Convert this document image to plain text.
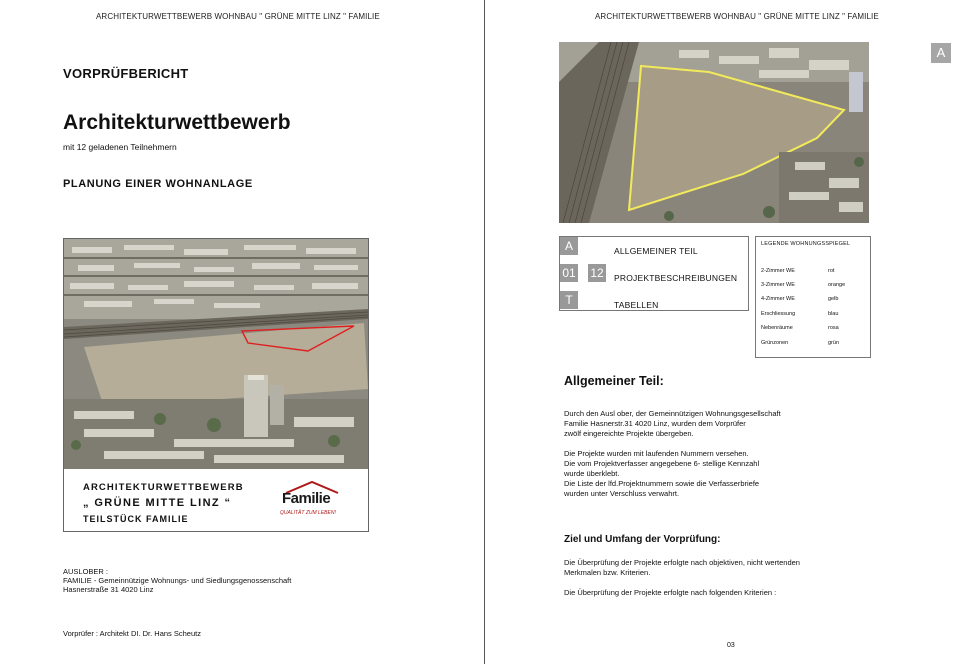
ARCHITEKTURWETTBEWERB WOHNBAU " GRÜNE MITTE LINZ " FAMILIE
VORPRÜFBERICHT
Architekturwettbewerb
mit 12 geladenen Teilnehmern
PLANUNG EINER WOHNANLAGE
ARCHITEKTURWETTBEWERB
„ GRÜNE MITTE LINZ “
TEILSTÜCK FAMILIE
Familie
QUALITÄT ZUM LEBEN!
AUSLOBER :
FAMILIE - Gemeinnützige Wohnungs- und Siedlungsgenossenschaft
Hasnerstraße 31 4020 Linz
Vorprüfer : Architekt DI. Dr. Hans Scheutz
ARCHITEKTURWETTBEWERB WOHNBAU " GRÜNE MITTE LINZ " FAMILIE
A
A	ALLGEMEINER TEIL
01 12 PROJEKTBESCHREIBUNGEN
T	TABELLEN
LEGENDE WOHNUNGSSPIEGEL
2-Zimmer WE	rot
3-Zimmer WE	orange
4-Zimmer WE	gelb
Erschliessung	blau
Nebenräume	rosa
Grünzonen	grün
Allgemeiner Teil:
Durch den Ausl ober, der Gemeinnützigen Wohnungsgesellschaft
Familie Hasnerstr.31 4020 Linz, wurden dem Vorprüfer
zwölf eingereichte Projekte übergeben.
Die Projekte wurden mit laufenden Nummern versehen.
Die vom Projektverfasser angegebene 6- stellige Kennzahl
wurde überklebt.
Die Liste der lfd.Projektnummern sowie die Verfasserbriefe
wurden unter Verschluss verwahrt.
Ziel und Umfang der Vorprüfung:
Die Überprüfung der Projekte erfolgte nach objektiven, nicht wertenden
Merkmalen bzw. Kriterien.
Die Überprüfung der Projekte erfolgte nach folgenden Kriterien :
03
